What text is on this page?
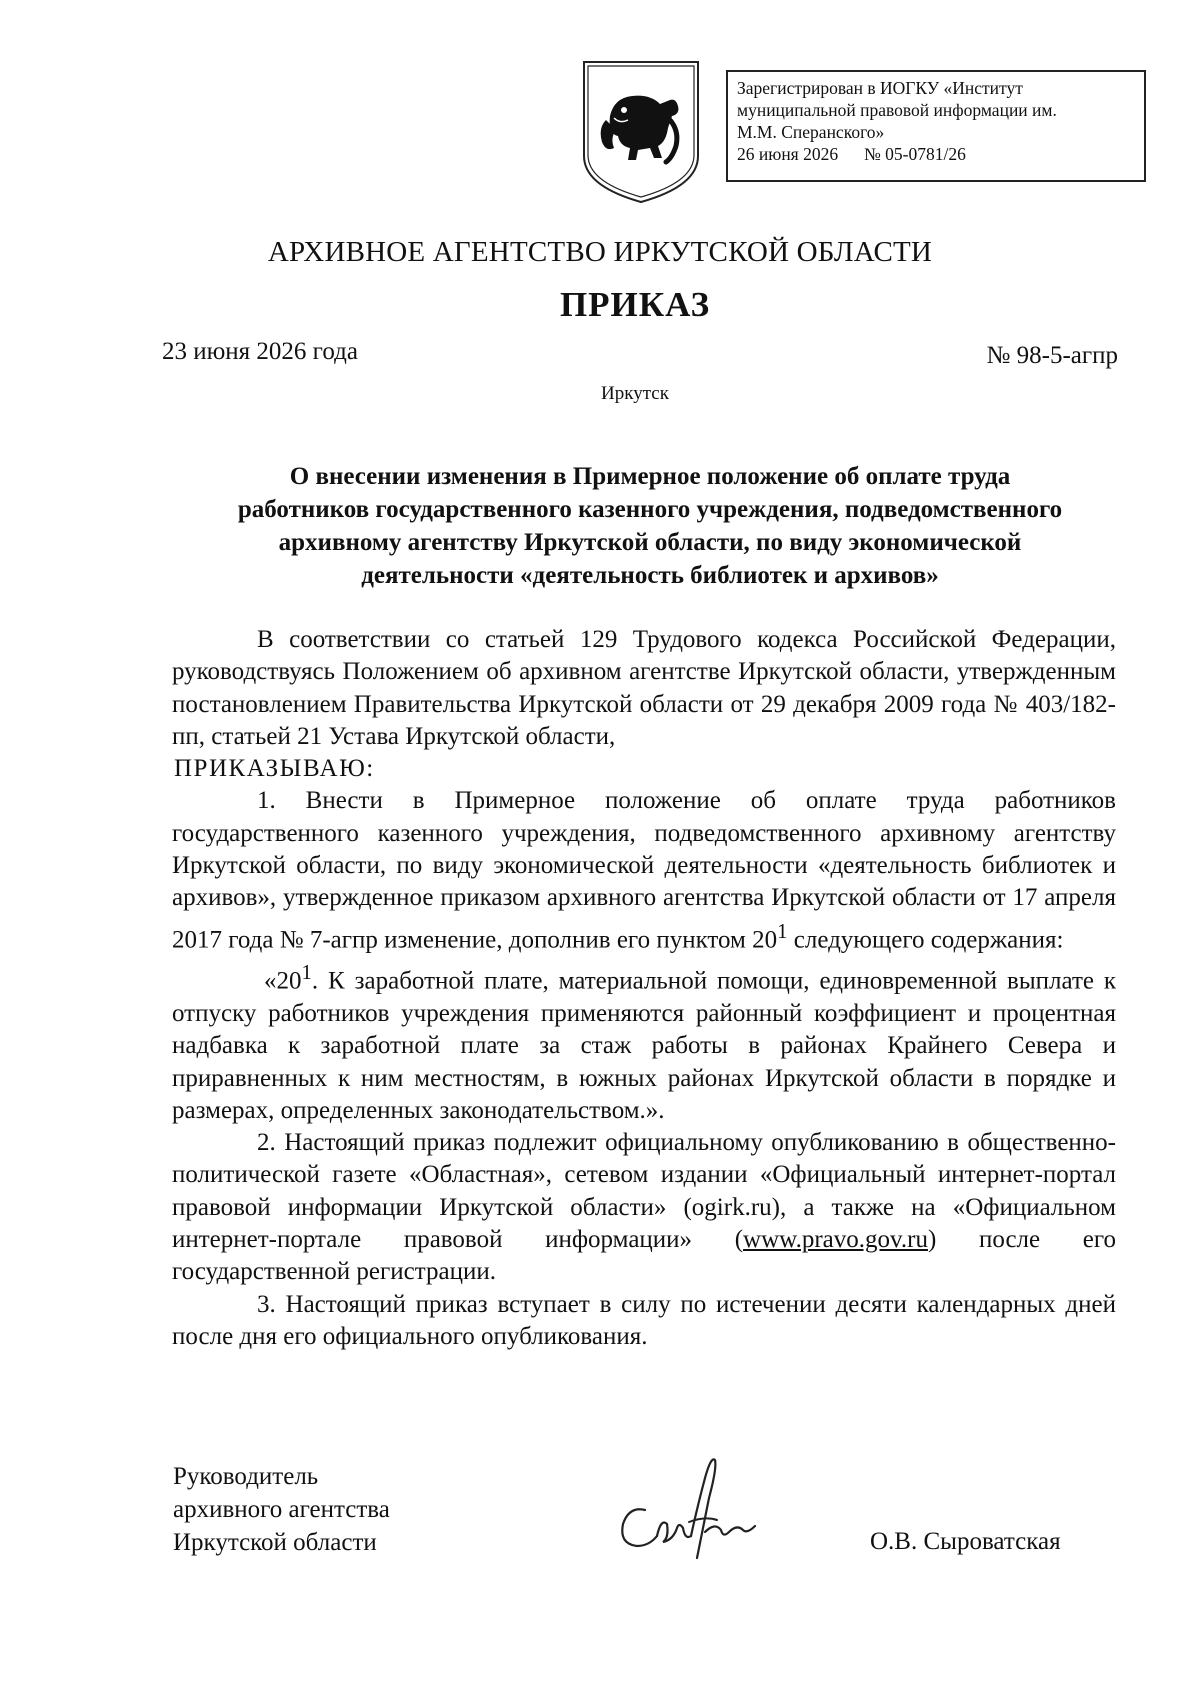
Зарегистрирован в ИОГКУ «Институт
муниципальной правовой информации им.
М.М. Сперанского»
26 июня 2026 № 05-0781/26
АРХИВНОЕ АГЕНТСТВО ИРКУТСКОЙ ОБЛАСТИ
ПРИКАЗ
23 июня 2026 года	№ 98-5-агпр
Иркутск
О внесении изменения в Примерное положение об оплате труда
работников государственного казенного учреждения, подведомственного
архивному агентству Иркутской области, по виду экономической
деятельности «деятельность библиотек и архивов»

В соответствии со статьей 129 Трудового кодекса Российской Федерации, руководствуясь Положением об архивном агентстве Иркутской области, утвержденным постановлением Правительства Иркутской области от 29 декабря 2009 года № 403/182-пп, статьей 21 Устава Иркутской области,

ПРИКАЗЫВАЮ:

1. Внести в Примерное положение об оплате труда работников государственного казенного учреждения, подведомственного архивному агентству Иркутской области, по виду экономической деятельности «деятельность библиотек и архивов», утвержденное приказом архивного агентства Иркутской области от 17 апреля 2017 года № 7-агпр изменение, дополнив его пунктом $20^1$ следующего содержания:

«$20^1$. К заработной плате, материальной помощи, единовременной выплате к отпуску работников учреждения применяются районный коэффициент и процентная надбавка к заработной плате за стаж работы в районах Крайнего Севера и приравненных к ним местностям, в южных районах Иркутской области в порядке и размерах, определенных законодательством.».

2. Настоящий приказ подлежит официальному опубликованию в общественно-политической газете «Областная», сетевом издании «Официальный интернет-портал правовой информации Иркутской области» (ogirk.ru), а также на «Официальном интернет-портале правовой информации» (www.pravo.gov.ru) после его государственной регистрации.

3. Настоящий приказ вступает в силу по истечении десяти календарных дней после дня его официального опубликования.

Руководитель
архивного агентства
Иркутской области	О.В. Сыроватская
